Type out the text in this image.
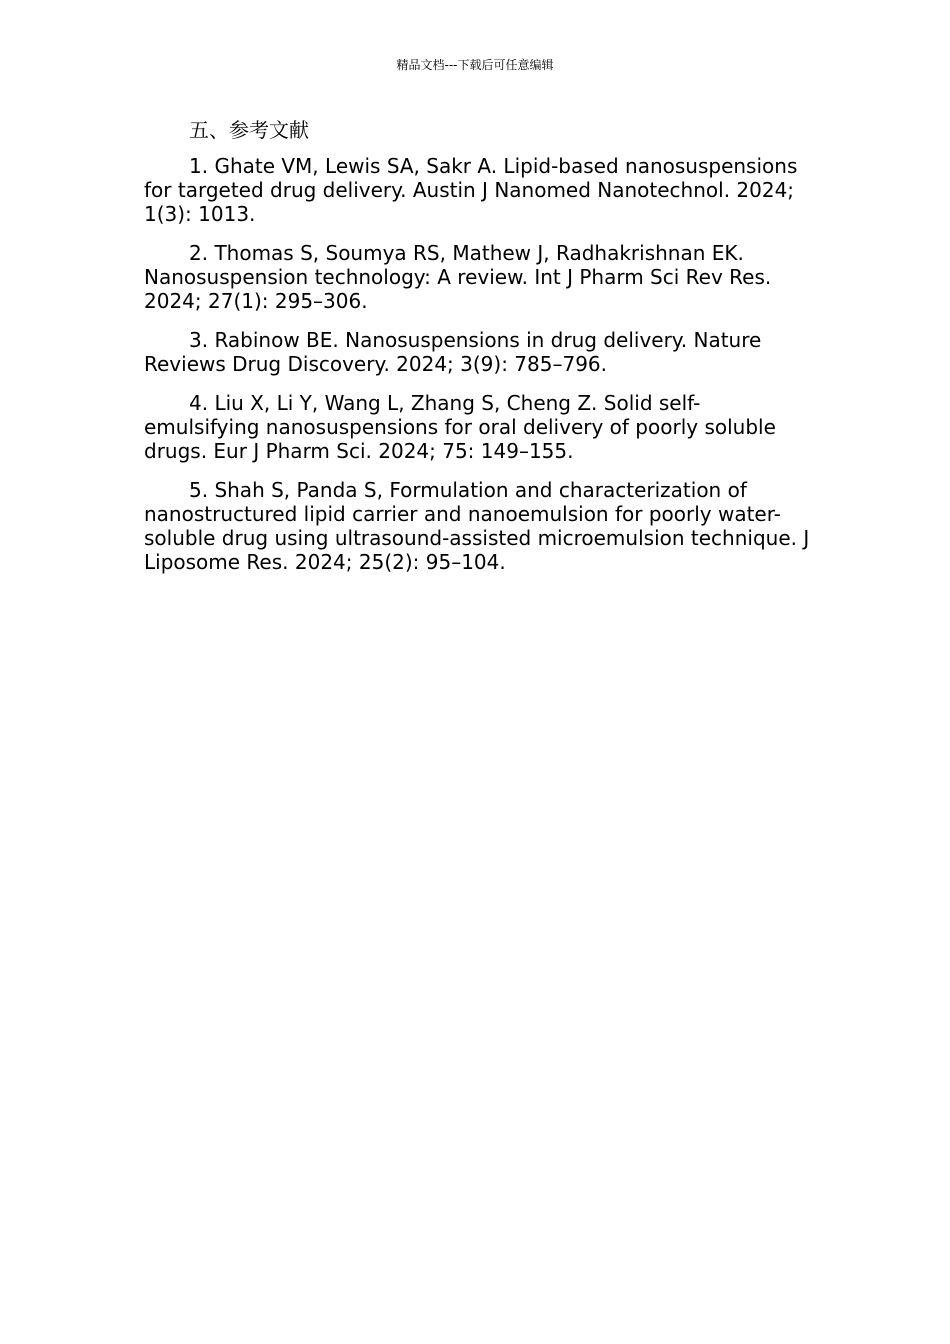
精品文档---下载后可任意编辑
五、参考文献
1. Ghate VM, Lewis SA, Sakr A. Lipid-based nanosuspensions for targeted drug delivery. Austin J Nanomed Nanotechnol. 2024; 1(3): 1013.
2. Thomas S, Soumya RS, Mathew J, Radhakrishnan EK. Nanosuspension technology: A review. Int J Pharm Sci Rev Res. 2024; 27(1): 295–306.
3. Rabinow BE. Nanosuspensions in drug delivery. Nature Reviews Drug Discovery. 2024; 3(9): 785–796.
4. Liu X, Li Y, Wang L, Zhang S, Cheng Z. Solid self-emulsifying nanosuspensions for oral delivery of poorly soluble drugs. Eur J Pharm Sci. 2024; 75: 149–155.
5. Shah S, Panda S, Formulation and characterization of nanostructured lipid carrier and nanoemulsion for poorly water-soluble drug using ultrasound-assisted microemulsion technique. J Liposome Res. 2024; 25(2): 95–104.
